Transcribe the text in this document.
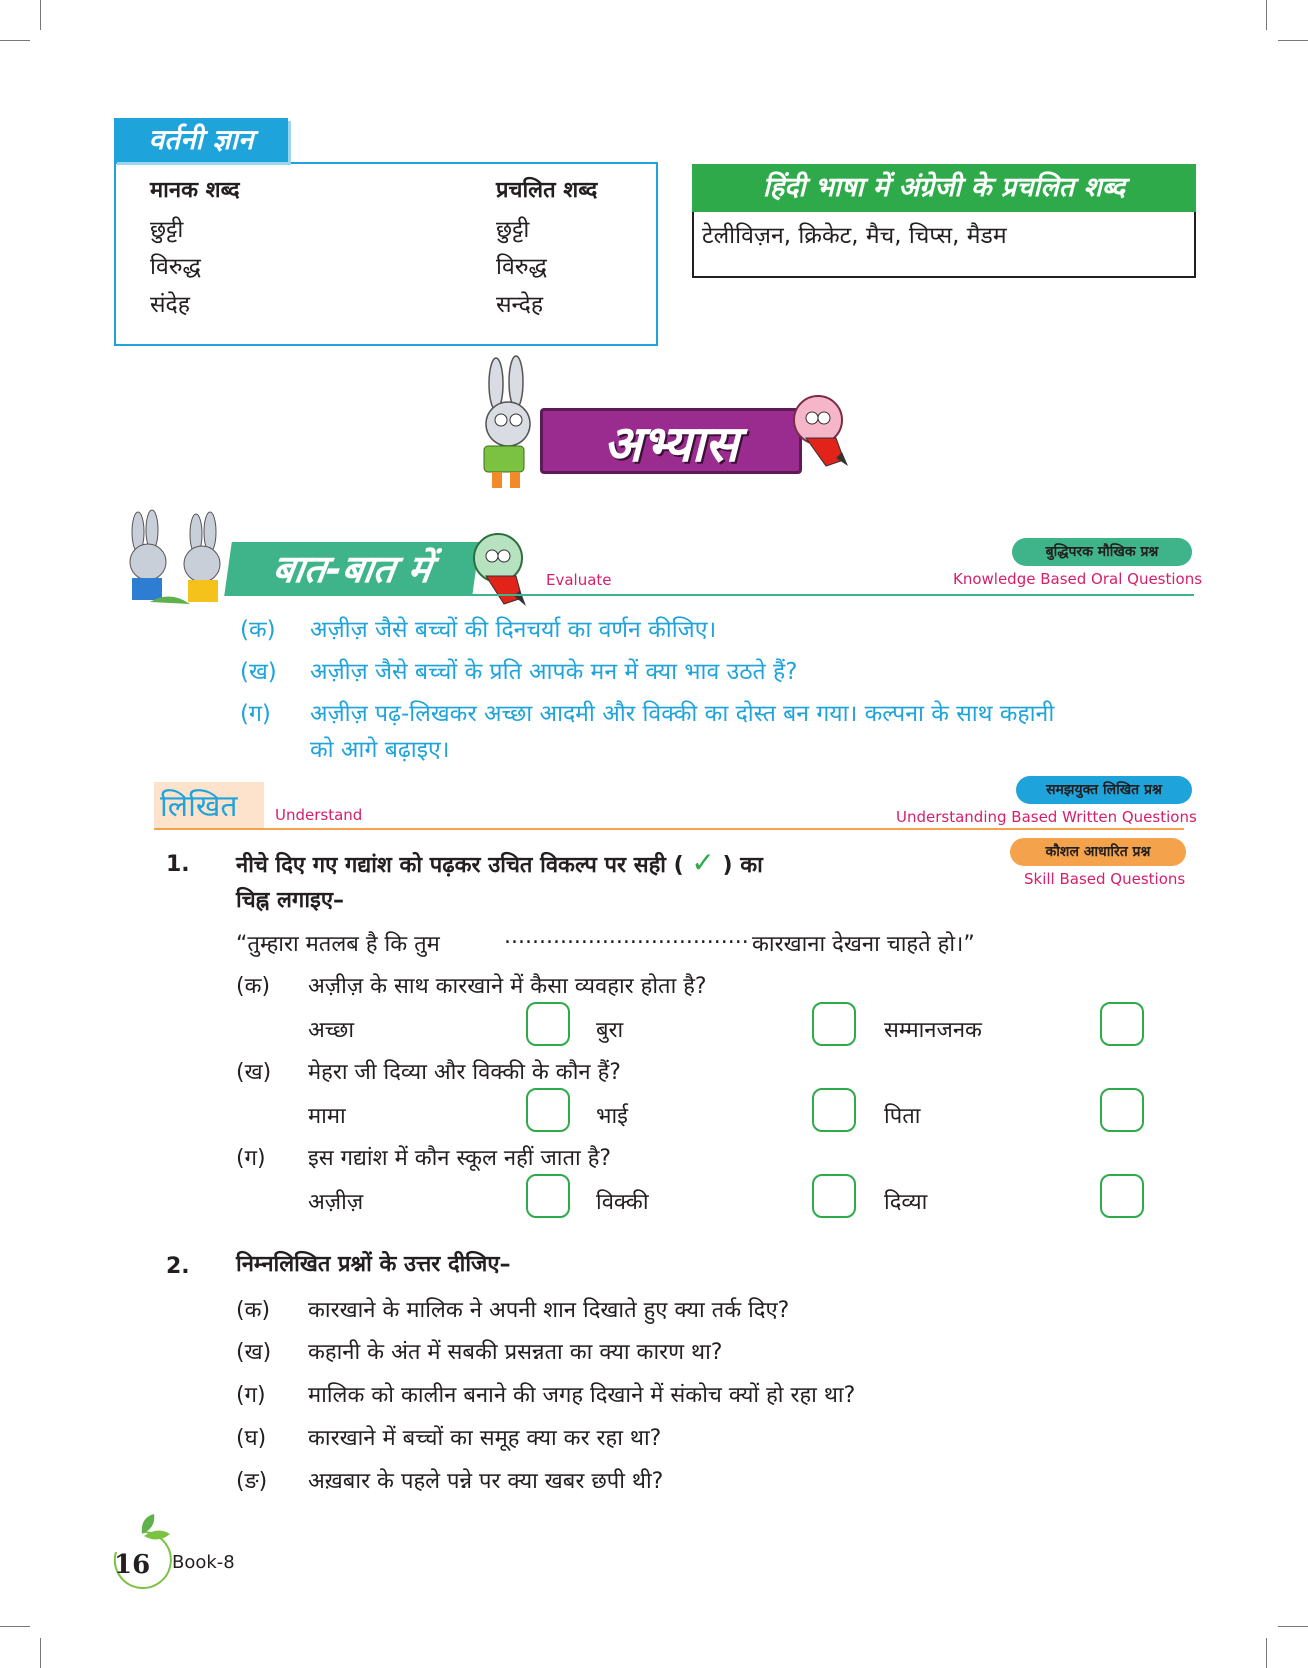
वर्तनी ज्ञान
मानक शब्द	प्रचलित शब्द
छुट्टी	छुट्टी
विरुद्ध	विरुद्ध
संदेह	सन्देह
हिंदी भाषा में अंग्रेजी के प्रचलित शब्द
टेलीविज़न, क्रिकेट, मैच, चिप्स, मैडम
अभ्यास
बात-बात में	Evaluate
बुद्धिपरक मौखिक प्रश्न
Knowledge Based Oral Questions
(क) अज़ीज़ जैसे बच्चों की दिनचर्या का वर्णन कीजिए।
(ख) अज़ीज़ जैसे बच्चों के प्रति आपके मन में क्या भाव उठते हैं?
(ग) अज़ीज़ पढ़-लिखकर अच्छा आदमी और विक्की का दोस्त बन गया। कल्पना के साथ कहानी
को आगे बढ़ाइए।
लिखित Understand
समझयुक्त लिखित प्रश्न
Understanding Based Written Questions
1. नीचे दिए गए गद्यांश को पढ़कर उचित विकल्प पर सही ( ✓ ) का
चिह्न लगाइए–
कौशल आधारित प्रश्न
Skill Based Questions
“तुम्हारा मतलब है कि तुम	................................... कारखाना देखना चाहते हो।”
(क) अज़ीज़ के साथ कारखाने में कैसा व्यवहार होता है?
अच्छा	बुरा	सम्मानजनक
(ख) मेहरा जी दिव्या और विक्की के कौन हैं?
मामा	भाई	पिता
(ग) इस गद्यांश में कौन स्कूल नहीं जाता है?
अज़ीज़	विक्की	दिव्या
2. निम्नलिखित प्रश्नों के उत्तर दीजिए–
(क) कारखाने के मालिक ने अपनी शान दिखाते हुए क्या तर्क दिए?
(ख) कहानी के अंत में सबकी प्रसन्नता का क्या कारण था?
(ग) मालिक को कालीन बनाने की जगह दिखाने में संकोच क्यों हो रहा था?
(घ) कारखाने में बच्चों का समूह क्या कर रहा था?
(ङ) अख़बार के पहले पन्ने पर क्या खबर छपी थी?
16 Book-8
